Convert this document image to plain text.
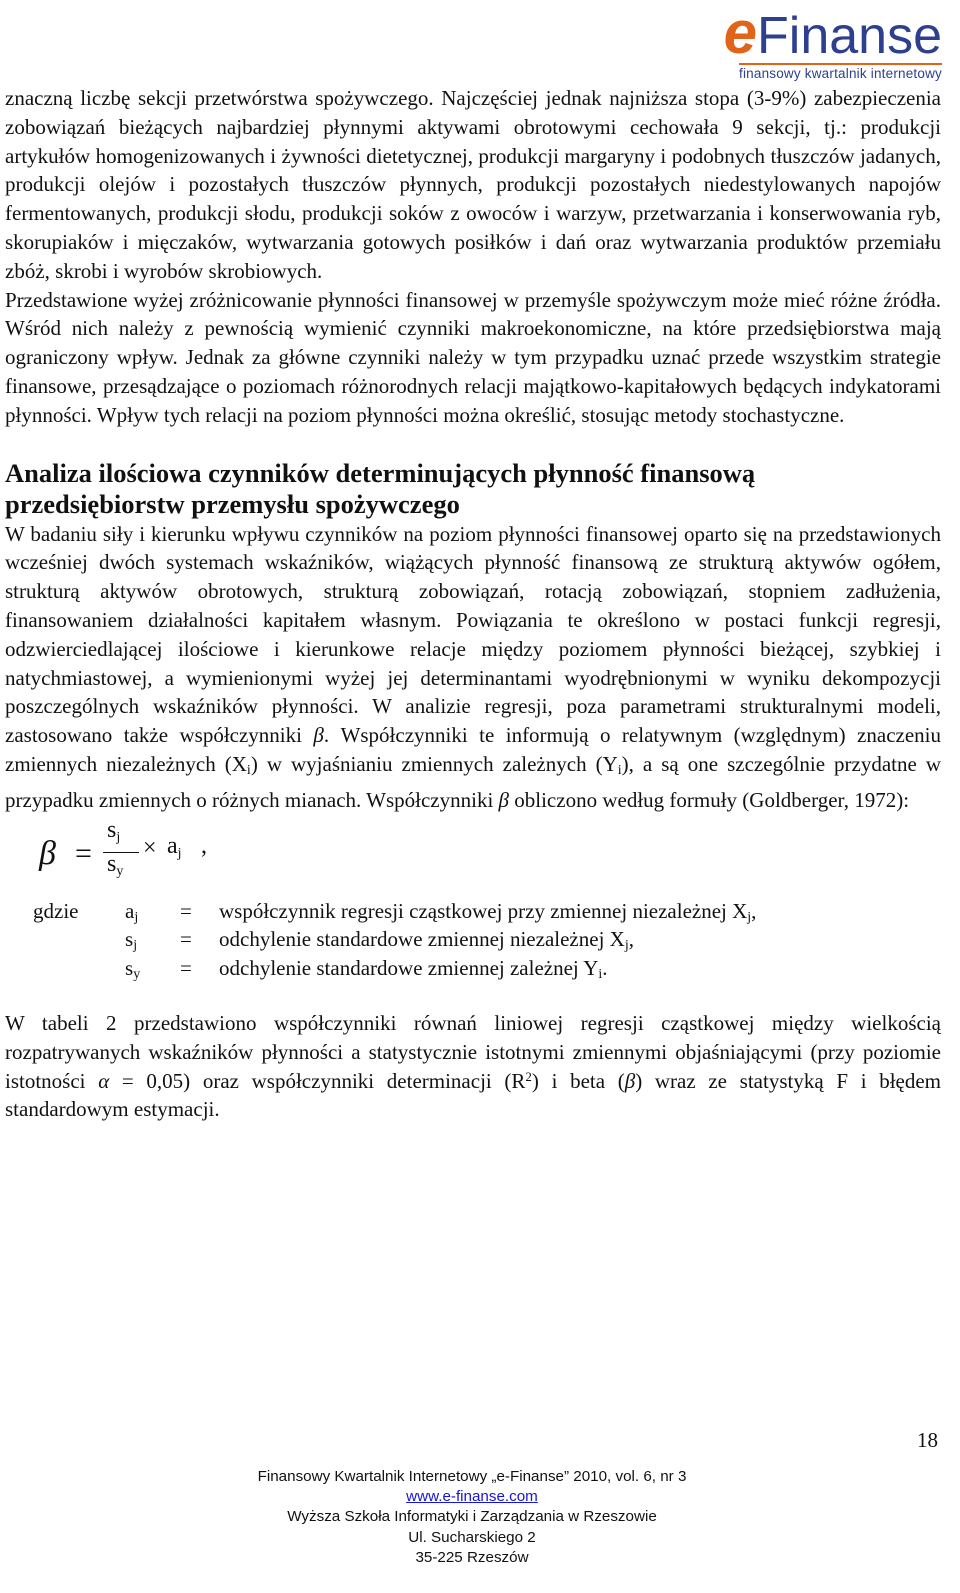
eFinanse
finansowy kwartalnik internetowy

znaczną liczbę sekcji przetwórstwa spożywczego. Najczęściej jednak najniższa stopa (3-9%) zabezpieczenia zobowiązań bieżących najbardziej płynnymi aktywami obrotowymi cechowała 9 sekcji, tj.: produkcji artykułów homogenizowanych i żywności dietetycznej, produkcji margaryny i podobnych tłuszczów jadanych, produkcji olejów i pozostałych tłuszczów płynnych, produkcji pozostałych niedestylowanych napojów fermentowanych, produkcji słodu, produkcji soków z owoców i warzyw, przetwarzania i konserwowania ryb, skorupiaków i mięczaków, wytwarzania gotowych posiłków i dań oraz wytwarzania produktów przemiału zbóż, skrobi i wyrobów skrobiowych.

Przedstawione wyżej zróżnicowanie płynności finansowej w przemyśle spożywczym może mieć różne źródła. Wśród nich należy z pewnością wymienić czynniki makroekonomiczne, na które przedsiębiorstwa mają ograniczony wpływ. Jednak za główne czynniki należy w tym przypadku uznać przede wszystkim strategie finansowe, przesądzające o poziomach różnorodnych relacji majątkowo-kapitałowych będących indykatorami płynności. Wpływ tych relacji na poziom płynności można określić, stosując metody stochastyczne.

Analiza ilościowa czynników determinujących płynność finansową przedsiębiorstw przemysłu spożywczego

W badaniu siły i kierunku wpływu czynników na poziom płynności finansowej oparto się na przedstawionych wcześniej dwóch systemach wskaźników, wiążących płynność finansową ze strukturą aktywów ogółem, strukturą aktywów obrotowych, strukturą zobowiązań, rotacją zobowiązań, stopniem zadłużenia, finansowaniem działalności kapitałem własnym. Powiązania te określono w postaci funkcji regresji, odzwierciedlającej ilościowe i kierunkowe relacje między poziomem płynności bieżącej, szybkiej i natychmiastowej, a wymienionymi wyżej jej determinantami wyodrębnionymi w wyniku dekompozycji poszczególnych wskaźników płynności. W analizie regresji, poza parametrami strukturalnymi modeli, zastosowano także współczynniki β. Współczynniki te informują o relatywnym (względnym) znaczeniu zmiennych niezależnych (Xi) w wyjaśnianiu zmiennych zależnych (Yi), a są one szczególnie przydatne w przypadku zmiennych o różnych mianach. Współczynniki β obliczono według formuły (Goldberger, 1972):

β =
$s_j$
$s_y$
× $a_j$ ,
gdzie aj = współczynnik regresji cząstkowej przy zmiennej niezależnej Xj,
sj = odchylenie standardowe zmiennej niezależnej Xj,
sy = odchylenie standardowe zmiennej zależnej Yi.

W tabeli 2 przedstawiono współczynniki równań liniowej regresji cząstkowej między wielkością rozpatrywanych wskaźników płynności a statystycznie istotnymi zmiennymi objaśniającymi (przy poziomie istotności α = 0,05) oraz współczynniki determinacji $(R^2)$ i beta (β) wraz ze statystyką F i błędem standardowym estymacji.

18
Finansowy Kwartalnik Internetowy „e-Finanse” 2010, vol. 6, nr 3
www.e-finanse.com
Wyższa Szkoła Informatyki i Zarządzania w Rzeszowie
Ul. Sucharskiego 2
35-225 Rzeszów
